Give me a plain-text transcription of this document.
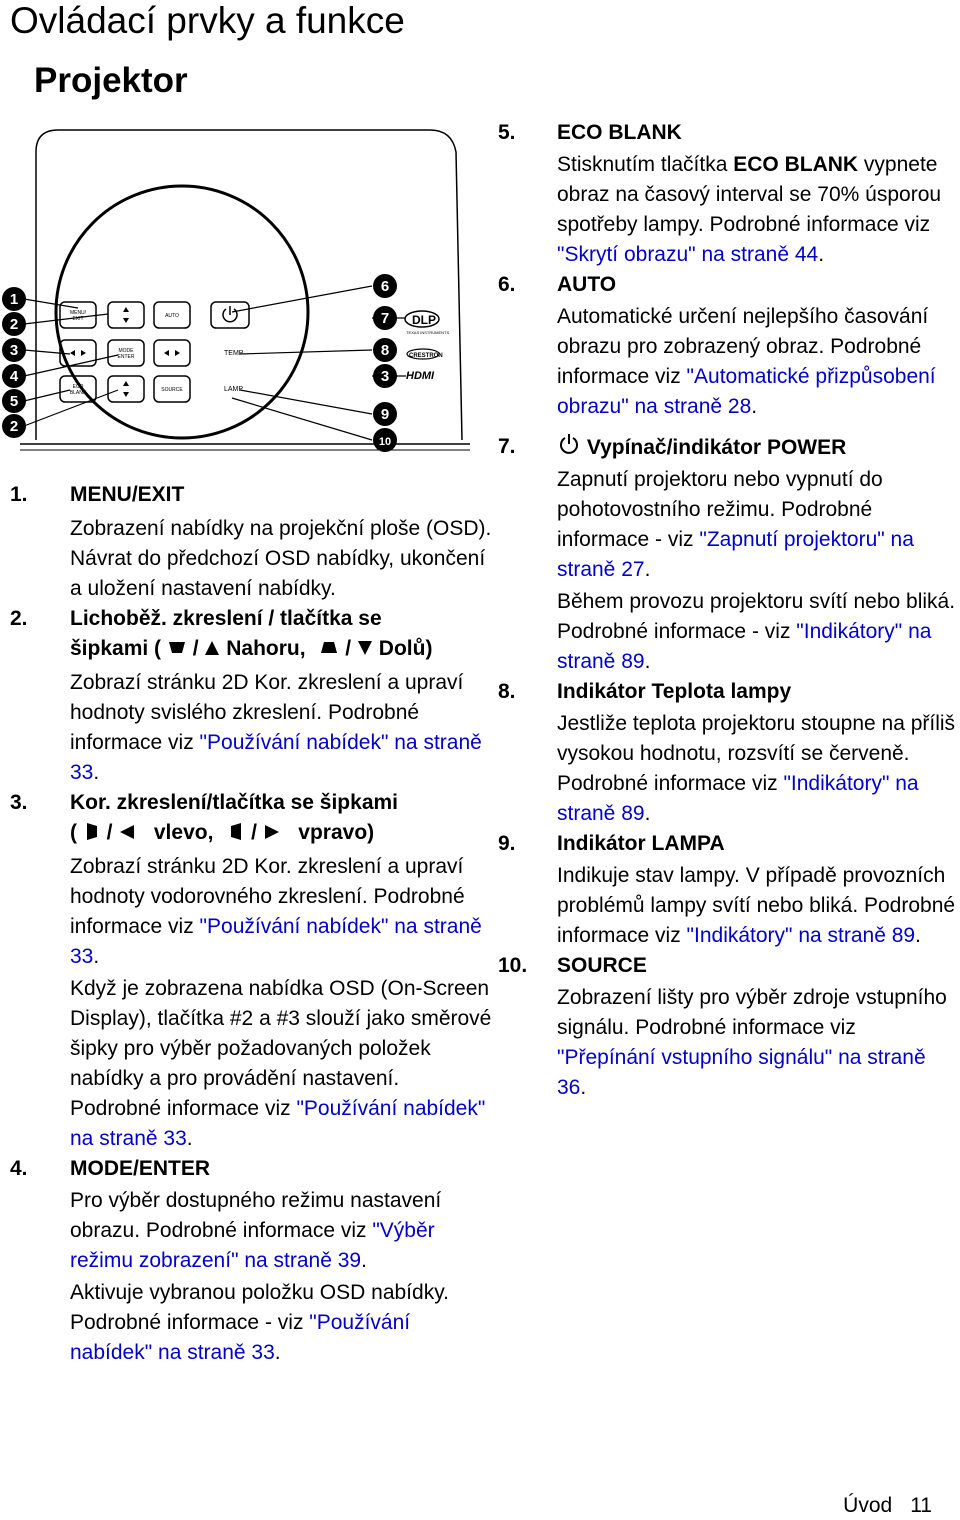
Ovládací prvky a funkce
Projektor
MENU/
EXIT	AUTO
MODE
ENTER
ECO
BLANK	SOURCE
TEMP
LAMP
DLP
TEXAS INSTRUMENTS
CRESTRON
HDMI
1
2
3
4
5
2
6
7
8
3
9
10
1. MENU/EXIT
Zobrazení nabídky na projekční ploše (OSD). Návrat do předchozí OSD nabídky, ukončení a uložení nastavení nabídky.
2. Lichoběž. zkreslení / tlačítka se
šipkami (  /  Nahoru,  /  Dolů)
Zobrazí stránku 2D Kor. zkreslení a upraví hodnoty svislého zkreslení. Podrobné informace viz "Používání nabídek" na straně 33.
3. Kor. zkreslení/tlačítka se šipkami
(  /    vlevo,  /    vpravo)
Zobrazí stránku 2D Kor. zkreslení a upraví hodnoty vodorovného zkreslení. Podrobné informace viz "Používání nabídek" na straně 33.
Když je zobrazena nabídka OSD (On-Screen Display), tlačítka #2 a #3 slouží jako směrové šipky pro výběr požadovaných položek nabídky a pro provádění nastavení. Podrobné informace viz "Používání nabídek" na straně 33.
4. MODE/ENTER
Pro výběr dostupného režimu nastavení obrazu. Podrobné informace viz "Výběr režimu zobrazení" na straně 39.
Aktivuje vybranou položku OSD nabídky. Podrobné informace - viz "Používání nabídek" na straně 33.
5. ECO BLANK
Stisknutím tlačítka ECO BLANK vypnete obraz na časový interval se 70% úsporou spotřeby lampy. Podrobné informace viz "Skrytí obrazu" na straně 44.
6. AUTO
Automatické určení nejlepšího časování obrazu pro zobrazený obraz. Podrobné informace viz "Automatické přizpůsobení obrazu" na straně 28.
7.	Vypínač/indikátor POWER
Zapnutí projektoru nebo vypnutí do pohotovostního režimu. Podrobné informace - viz "Zapnutí projektoru" na straně 27.
Během provozu projektoru svítí nebo bliká. Podrobné informace - viz "Indikátory" na straně 89.
8. Indikátor Teplota lampy
Jestliže teplota projektoru stoupne na příliš vysokou hodnotu, rozsvítí se červeně. Podrobné informace viz "Indikátory" na straně 89.
9. Indikátor LAMPA
Indikuje stav lampy. V případě provozních problémů lampy svítí nebo bliká. Podrobné informace viz "Indikátory" na straně 89.
10. SOURCE
Zobrazení lišty pro výběr zdroje vstupního signálu. Podrobné informace viz "Přepínání vstupního signálu" na straně 36.
Úvod 11
